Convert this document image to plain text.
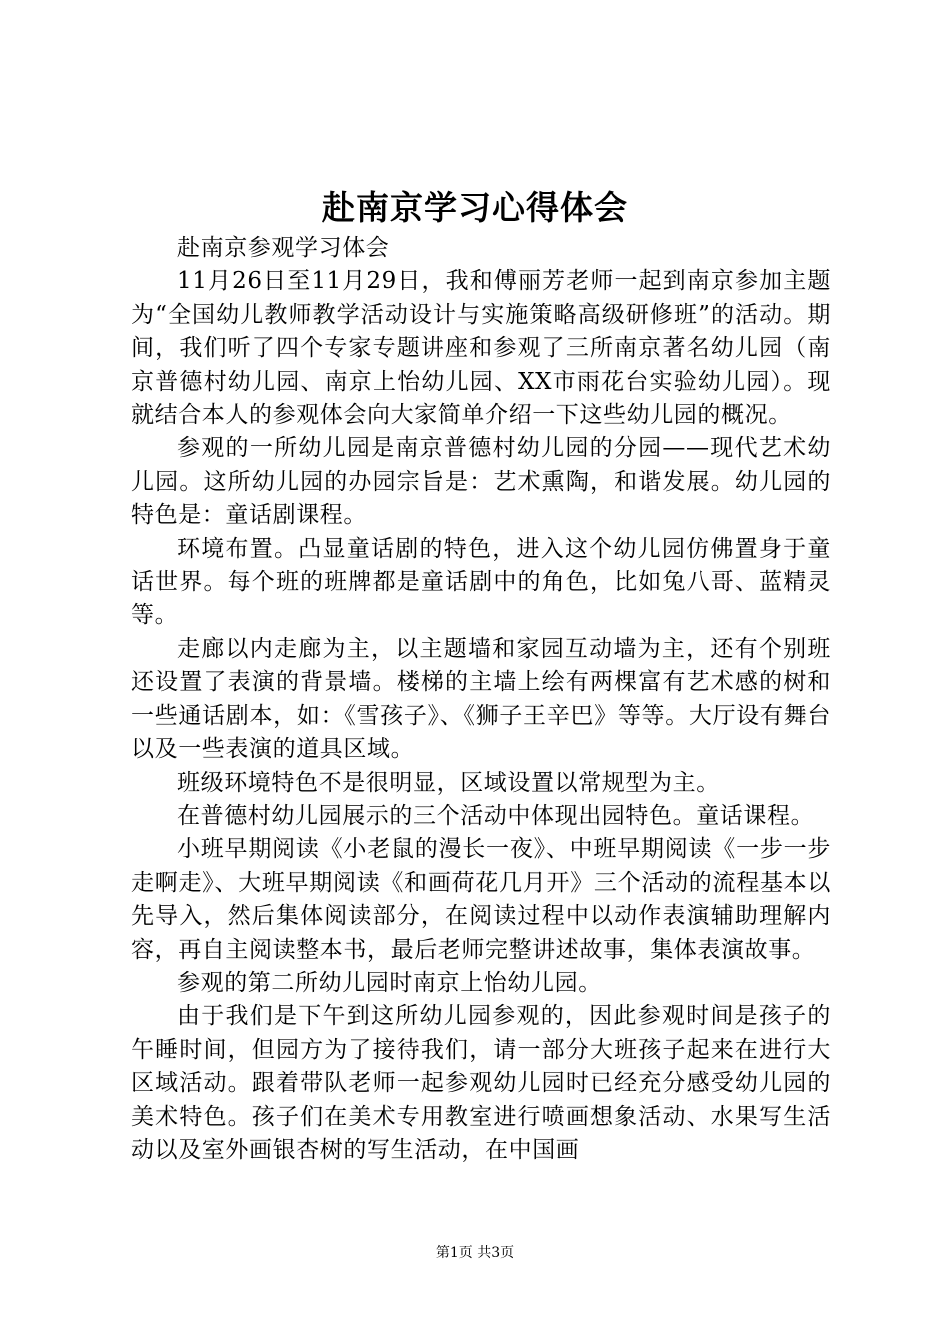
赴南京学习心得体会

赴南京参观学习体会

11月26日至11月29日，我和傅丽芳老师一起到南京参加主题为“全国幼儿教师教学活动设计与实施策略高级研修班”的活动。期间，我们听了四个专家专题讲座和参观了三所南京著名幼儿园（南京普德村幼儿园、南京上怡幼儿园、XX市雨花台实验幼儿园）。现就结合本人的参观体会向大家简单介绍一下这些幼儿园的概况。

参观的一所幼儿园是南京普德村幼儿园的分园——现代艺术幼儿园。这所幼儿园的办园宗旨是：艺术熏陶，和谐发展。幼儿园的特色是：童话剧课程。

环境布置。凸显童话剧的特色，进入这个幼儿园仿佛置身于童话世界。每个班的班牌都是童话剧中的角色，比如兔八哥、蓝精灵等。

走廊以内走廊为主，以主题墙和家园互动墙为主，还有个别班还设置了表演的背景墙。楼梯的主墙上绘有两棵富有艺术感的树和一些通话剧本，如：《雪孩子》、《狮子王辛巴》等等。大厅设有舞台以及一些表演的道具区域。

班级环境特色不是很明显，区域设置以常规型为主。

在普德村幼儿园展示的三个活动中体现出园特色。童话课程。

小班早期阅读《小老鼠的漫长一夜》、中班早期阅读《一步一步走啊走》、大班早期阅读《和画荷花几月开》三个活动的流程基本以先导入，然后集体阅读部分，在阅读过程中以动作表演辅助理解内容，再自主阅读整本书，最后老师完整讲述故事，集体表演故事。

参观的第二所幼儿园时南京上怡幼儿园。

由于我们是下午到这所幼儿园参观的，因此参观时间是孩子的午睡时间，但园方为了接待我们，请一部分大班孩子起来在进行大区域活动。跟着带队老师一起参观幼儿园时已经充分感受幼儿园的美术特色。孩子们在美术专用教室进行喷画想象活动、水果写生活动以及室外画银杏树的写生活动，在中国画

第1页 共3页
